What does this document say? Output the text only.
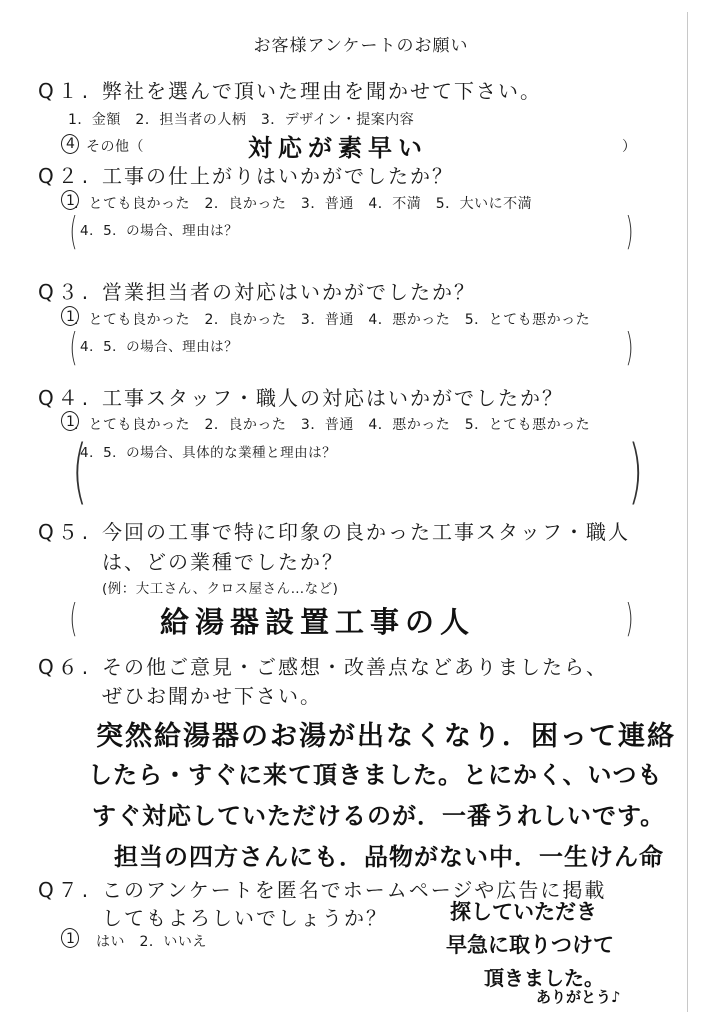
お客様アンケートのお願い
Q１. 弊社を選んで頂いた理由を聞かせて下さい。
1．金額　2．担当者の人柄　3．デザイン・提案内容
4 その他（	対応が素早い	）
Q２. 工事の仕上がりはいかがでしたか？
1
．とても良かった　2．良かった　3．普通　4．不満　5．大いに不満
( 4．5．の場合、理由は？	)
Q３. 営業担当者の対応はいかがでしたか？
1
．とても良かった　2．良かった　3．普通　4．悪かった　5．とても悪かった
( 4．5．の場合、理由は？	)
Q４. 工事スタッフ・職人の対応はいかがでしたか？
1
．とても良かった　2．良かった　3．普通　4．悪かった　5．とても悪かった
(
4．5．の場合、具体的な業種と理由は？	)
Q５. 今回の工事で特に印象の良かった工事スタッフ・職人
は、どの業種でしたか？
(例：大工さん、クロス屋さん…など)
(	給湯器設置工事の人	)
Q６. その他ご意見・ご感想・改善点などありましたら、
ぜひお聞かせ下さい。
突然給湯器のお湯が出なくなり．困って連絡
したら・すぐに来て頂きました。とにかく、いつも
すぐ対応していただけるのが．一番うれしいです。
担当の四方さんにも．品物がない中．一生けん命
Q７. このアンケートを匿名でホームページや広告に掲載
してもよろしいでしょうか？
1 はい　2．いいえ
探していただき
早急に取りつけて
頂きました。
ありがとう♪
